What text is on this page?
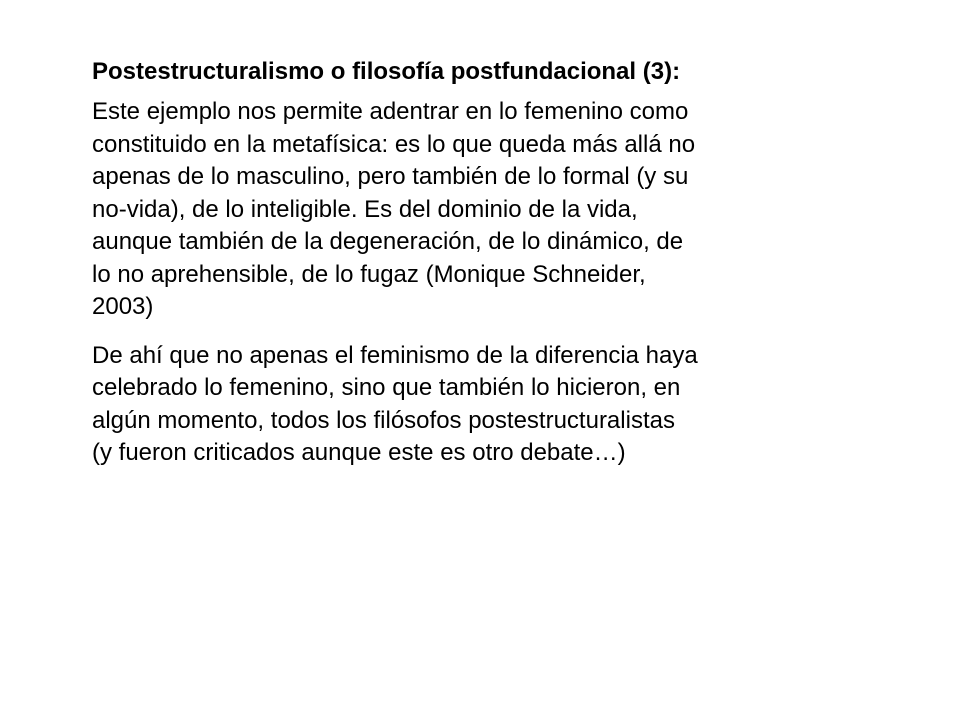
Postestructuralismo o filosofía postfundacional (3):
Este ejemplo nos permite adentrar en lo femenino como
constituido en la metafísica: es lo que queda más allá no
apenas de lo masculino, pero también de lo formal (y su
no-vida), de lo inteligible. Es del dominio de la vida,
aunque también de la degeneración, de lo dinámico, de
lo no aprehensible, de lo fugaz (Monique Schneider,
2003)
De ahí que no apenas el feminismo de la diferencia haya
celebrado lo femenino, sino que también lo hicieron, en
algún momento, todos los filósofos postestructuralistas
(y fueron criticados aunque este es otro debate…)
